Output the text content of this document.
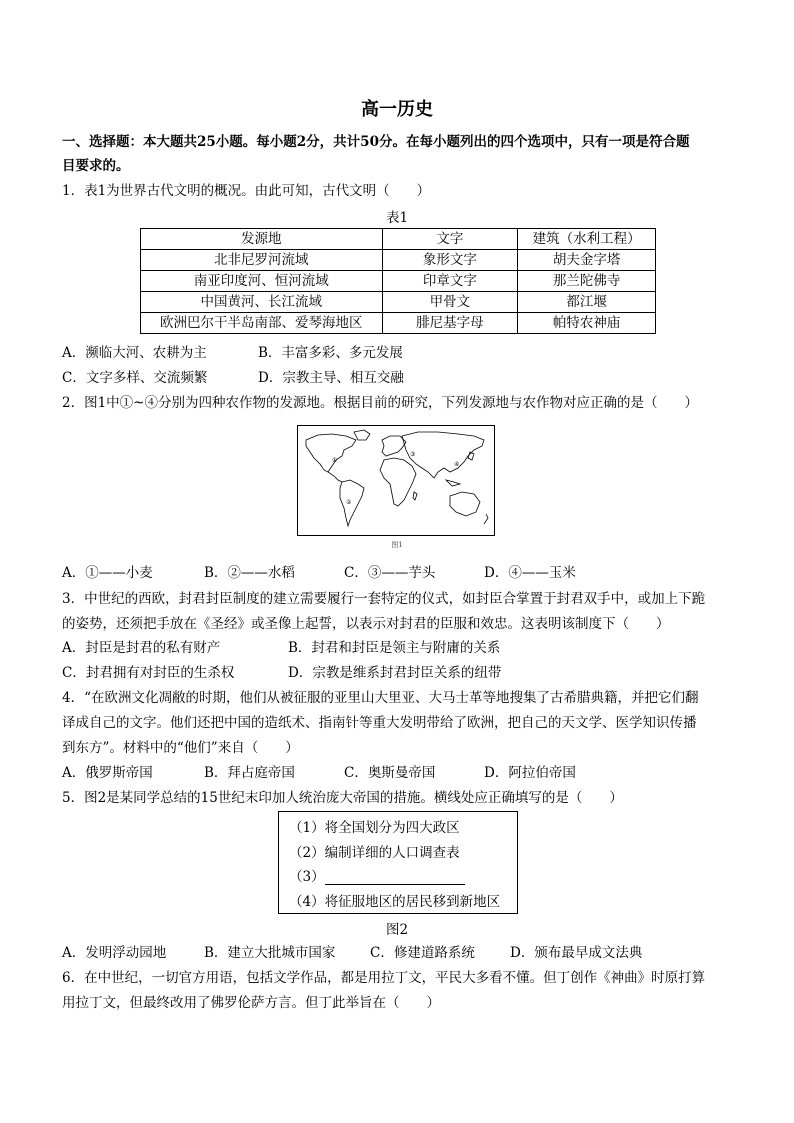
高一历史
一、选择题：本大题共25小题。每小题2分，共计50分。在每小题列出的四个选项中，只有一项是符合题
目要求的。
1．表1为世界古代文明的概况。由此可知，古代文明（　　）
表1
发源地	文字	建筑（水利工程）
北非尼罗河流域	象形文字	胡夫金字塔
南亚印度河、恒河流域	印章文字	那兰陀佛寺
中国黄河、长江流域	甲骨文	都江堰
欧洲巴尔干半岛南部、爱琴海地区	腓尼基字母	帕特农神庙
A．濒临大河、农耕为主	B．丰富多彩、多元发展
C．文字多样、交流频繁	D．宗教主导、相互交融
2．图1中①~④分别为四种农作物的发源地。根据目前的研究，下列发源地与农作物对应正确的是（　　）
①
②
③
④
图1
A．①——小麦	B．②——水稻	C．③——芋头	D．④——玉米
3．中世纪的西欧，封君封臣制度的建立需要履行一套特定的仪式，如封臣合掌置于封君双手中，或加上下跪
的姿势，还须把手放在《圣经》或圣像上起誓，以表示对封君的臣服和效忠。这表明该制度下（　　）
A．封臣是封君的私有财产	B．封君和封臣是领主与附庸的关系
C．封君拥有对封臣的生杀权	D．宗教是维系封君封臣关系的纽带
4．“在欧洲文化凋敝的时期，他们从被征服的亚里山大里亚、大马士革等地搜集了古希腊典籍，并把它们翻
译成自己的文字。他们还把中国的造纸术、指南针等重大发明带给了欧洲，把自己的天文学、医学知识传播
到东方”。材料中的“他们”来自（　　）
A．俄罗斯帝国	B．拜占庭帝国	C．奥斯曼帝国	D．阿拉伯帝国
5．图2是某同学总结的15世纪末印加人统治庞大帝国的措施。横线处应正确填写的是（　　）
（1）将全国划分为四大政区
（2）编制详细的人口调查表
（3）
（4）将征服地区的居民移到新地区
图2
A．发明浮动园地	B．建立大批城市国家	C．修建道路系统	D．颁布最早成文法典
6．在中世纪，一切官方用语，包括文学作品，都是用拉丁文，平民大多看不懂。但丁创作《神曲》时原打算
用拉丁文，但最终改用了佛罗伦萨方言。但丁此举旨在（　　）
